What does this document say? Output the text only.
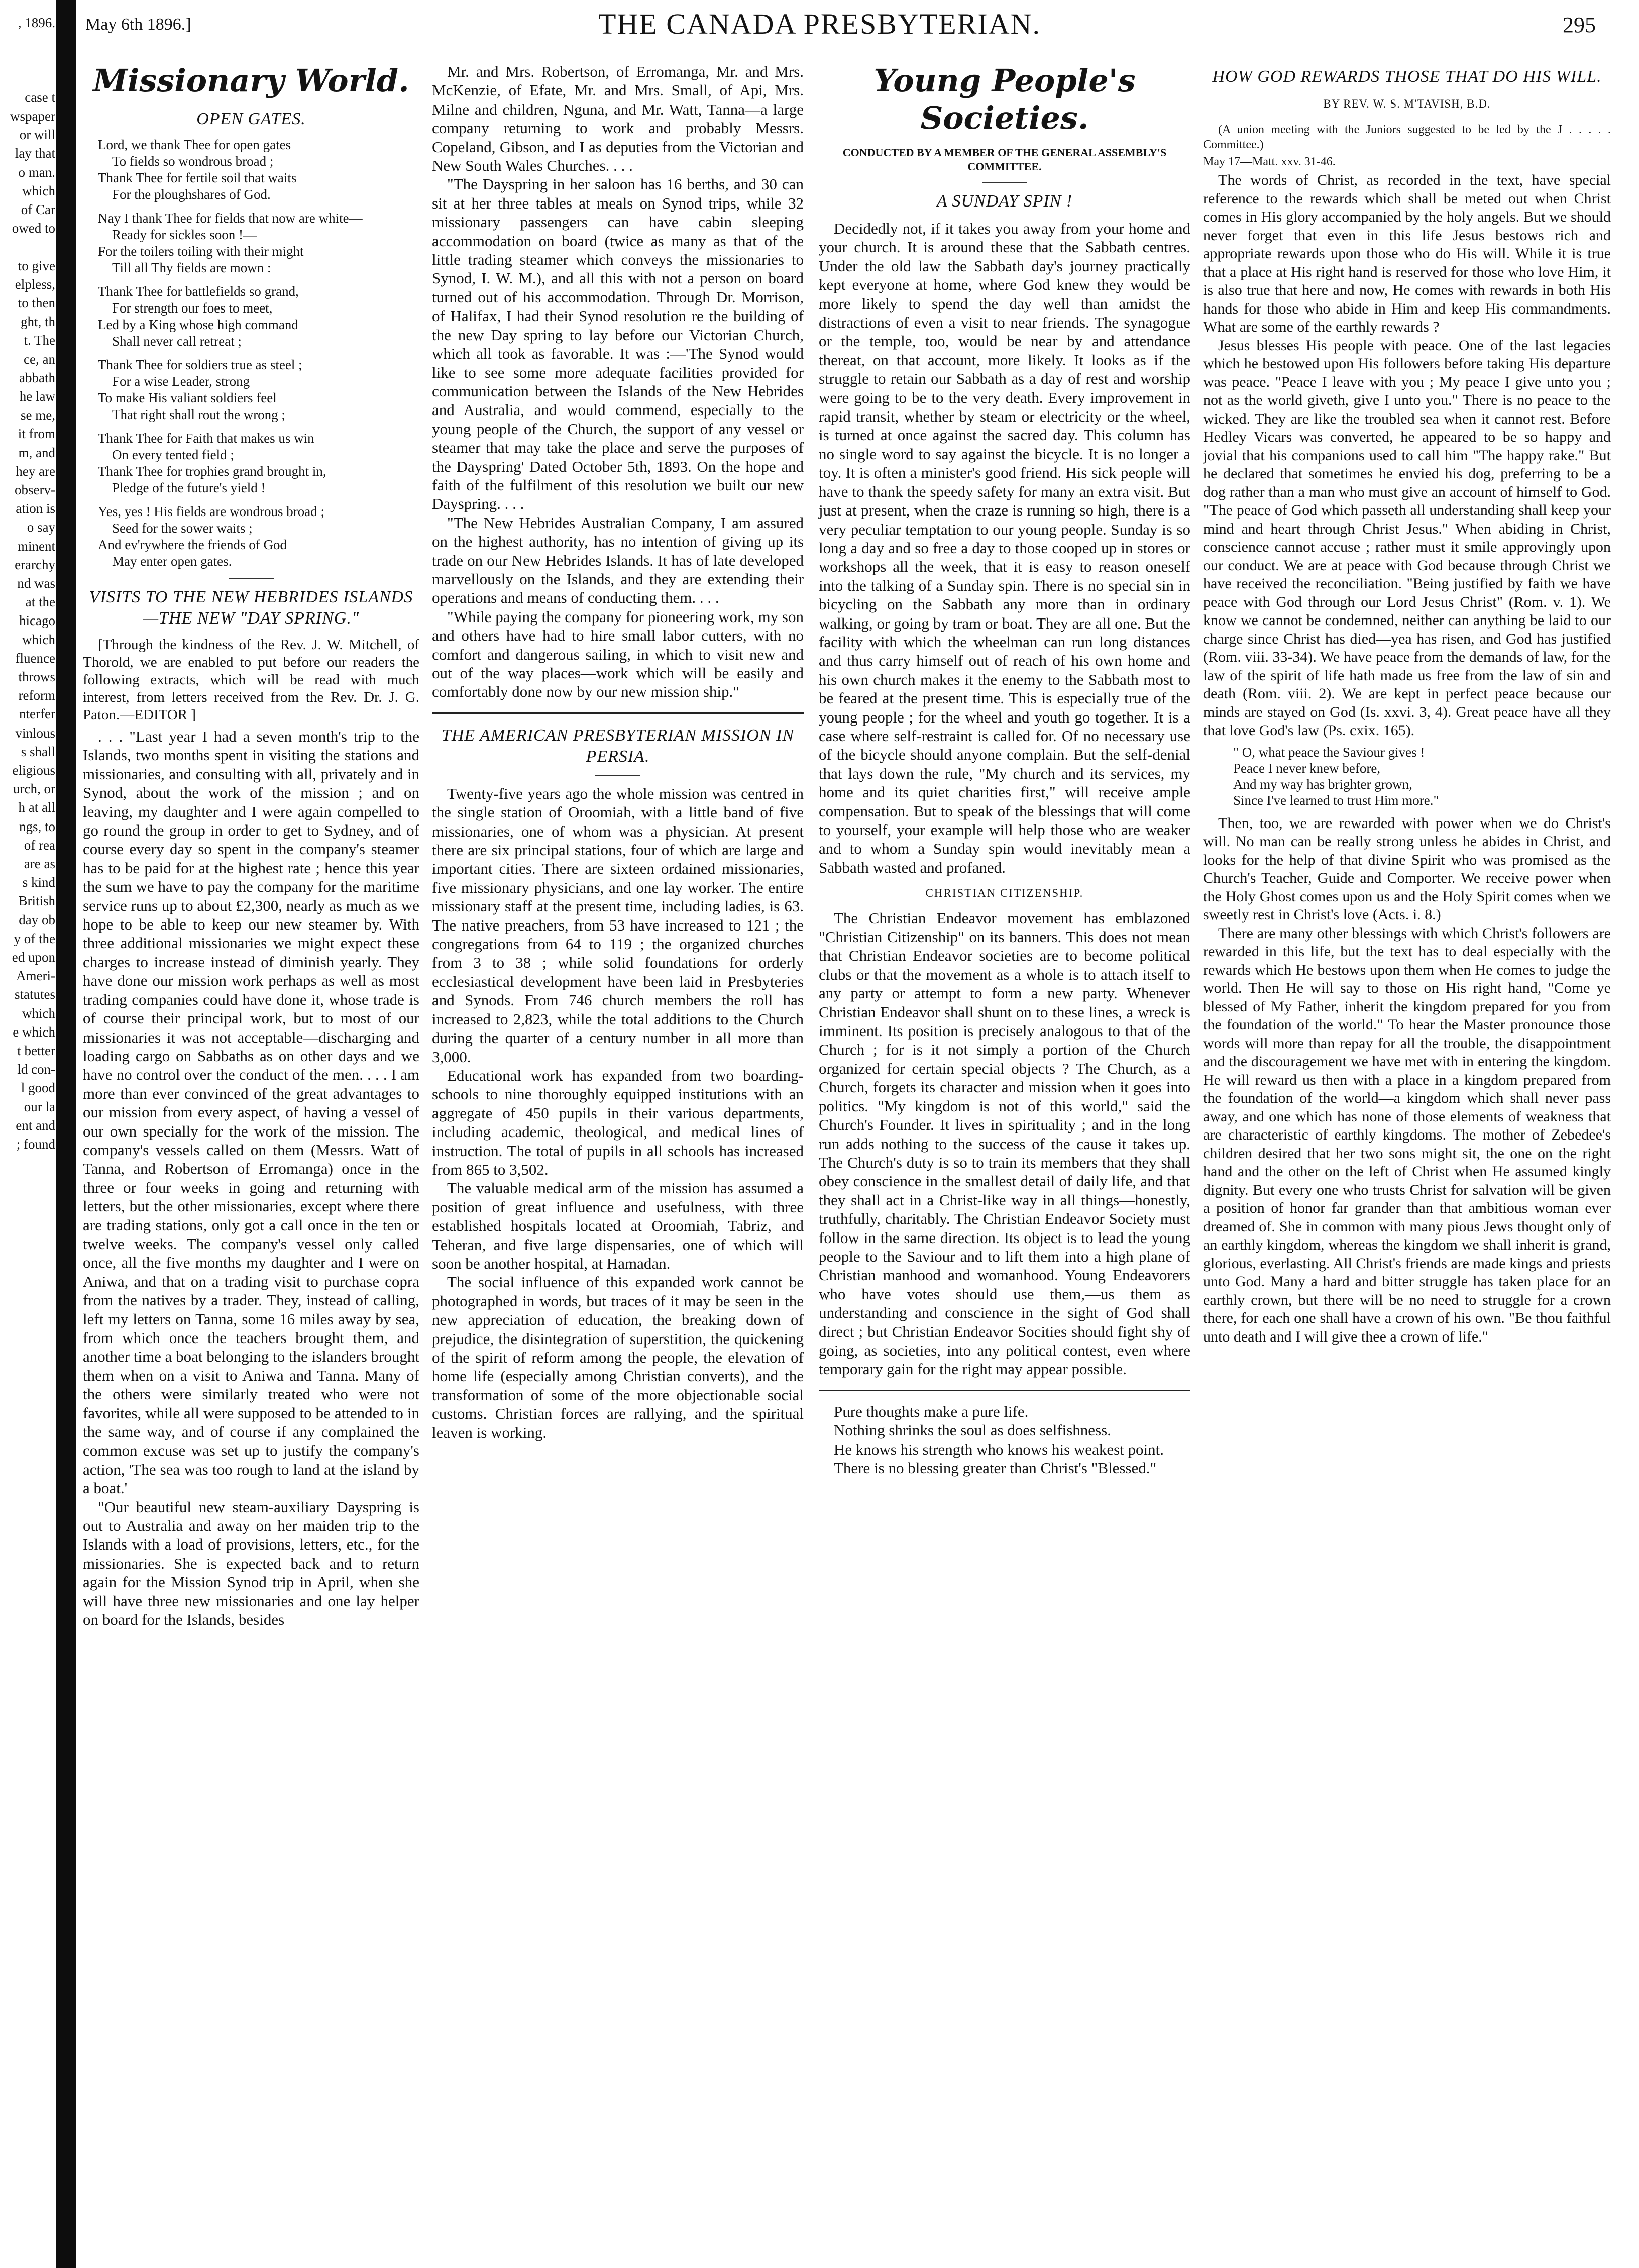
, 1896.
case t
wspaper
or will
lay that
o man.
which
of Car
owed to
to give
elpless,
to then
ght, th
t. The
ce, an
abbath
he law
se me,
it from
m, and
hey are
observ-
ation is
o say
minent
erarchy
nd was
at the
hicago
which
fluence
throws
reform
nterfer
vinlous
s shall
eligious
urch, or
h at all
ngs, to
of rea
are as
s kind
British
day ob
y of the
ed upon
Ameri-
statutes
which
e which
t better
ld con-
l good
our la
ent and
; found
May 6th 1896.]	THE CANADA PRESBYTERIAN.	295
Missionary World.
OPEN GATES.

Lord, we thank Thee for open gates

To fields so wondrous broad ;

Thank Thee for fertile soil that waits

For the ploughshares of God.

Nay I thank Thee for fields that now are white—

Ready for sickles soon !—

For the toilers toiling with their might

Till all Thy fields are mown :

Thank Thee for battlefields so grand,

For strength our foes to meet,

Led by a King whose high command

Shall never call retreat ;

Thank Thee for soldiers true as steel ;

For a wise Leader, strong

To make His valiant soldiers feel

That right shall rout the wrong ;

Thank Thee for Faith that makes us win

On every tented field ;

Thank Thee for trophies grand brought in,

Pledge of the future's yield !

Yes, yes ! His fields are wondrous broad ;

Seed for the sower waits ;

And ev'rywhere the friends of God

May enter open gates.

VISITS TO THE NEW HEBRIDES ISLANDS—THE NEW "DAY SPRING."

[Through the kindness of the Rev. J. W. Mitchell, of Thorold, we are enabled to put before our readers the following extracts, which will be read with much interest, from letters received from the Rev. Dr. J. G. Paton.—EDITOR ]

. . . "Last year I had a seven month's trip to the Islands, two months spent in visiting the stations and missionaries, and consulting with all, privately and in Synod, about the work of the mission ; and on leaving, my daughter and I were again compelled to go round the group in order to get to Sydney, and of course every day so spent in the company's steamer has to be paid for at the highest rate ; hence this year the sum we have to pay the company for the maritime service runs up to about £2,300, nearly as much as we hope to be able to keep our new steamer by. With three additional missionaries we might expect these charges to increase instead of diminish yearly. They have done our mission work perhaps as well as most trading companies could have done it, whose trade is of course their principal work, but to most of our missionaries it was not acceptable—discharging and loading cargo on Sabbaths as on other days and we have no control over the conduct of the men. . . . I am more than ever convinced of the great advantages to our mission from every aspect, of having a vessel of our own specially for the work of the mission. The company's vessels called on them (Messrs. Watt of Tanna, and Robertson of Erromanga) once in the three or four weeks in going and returning with letters, but the other missionaries, except where there are trading stations, only got a call once in the ten or twelve weeks. The company's vessel only called once, all the five months my daughter and I were on Aniwa, and that on a trading visit to purchase copra from the natives by a trader. They, instead of calling, left my letters on Tanna, some 16 miles away by sea, from which once the teachers brought them, and another time a boat belonging to the islanders brought them when on a visit to Aniwa and Tanna. Many of the others were similarly treated who were not favorites, while all were supposed to be attended to in the same way, and of course if any complained the common excuse was set up to justify the company's action, 'The sea was too rough to land at the island by a boat.'

"Our beautiful new steam-auxiliary Dayspring is out to Australia and away on her maiden trip to the Islands with a load of provisions, letters, etc., for the missionaries. She is expected back and to return again for the Mission Synod trip in April, when she will have three new missionaries and one lay helper on board for the Islands, besides

Mr. and Mrs. Robertson, of Erromanga, Mr. and Mrs. McKenzie, of Efate, Mr. and Mrs. Small, of Api, Mrs. Milne and children, Nguna, and Mr. Watt, Tanna—a large company returning to work and probably Messrs. Copeland, Gibson, and I as deputies from the Victorian and New South Wales Churches. . . .

"The Dayspring in her saloon has 16 berths, and 30 can sit at her three tables at meals on Synod trips, while 32 missionary passengers can have cabin sleeping accommodation on board (twice as many as that of the little trading steamer which conveys the missionaries to Synod, I. W. M.), and all this with not a person on board turned out of his accommodation. Through Dr. Morrison, of Halifax, I had their Synod resolution re the building of the new Day spring to lay before our Victorian Church, which all took as favorable. It was :—'The Synod would like to see some more adequate facilities provided for communication between the Islands of the New Hebrides and Australia, and would commend, especially to the young people of the Church, the support of any vessel or steamer that may take the place and serve the purposes of the Dayspring' Dated October 5th, 1893. On the hope and faith of the fulfilment of this resolution we built our new Dayspring. . . .

"The New Hebrides Australian Company, I am assured on the highest authority, has no intention of giving up its trade on our New Hebrides Islands. It has of late developed marvellously on the Islands, and they are extending their operations and means of conducting them. . . .

"While paying the company for pioneering work, my son and others have had to hire small labor cutters, with no comfort and dangerous sailing, in which to visit new and out of the way places—work which will be easily and comfortably done now by our new mission ship."

THE AMERICAN PRESBYTERIAN MISSION IN PERSIA.

Twenty-five years ago the whole mission was centred in the single station of Oroomiah, with a little band of five missionaries, one of whom was a physician. At present there are six principal stations, four of which are large and important cities. There are sixteen ordained missionaries, five missionary physicians, and one lay worker. The entire missionary staff at the present time, including ladies, is 63. The native preachers, from 53 have increased to 121 ; the congregations from 64 to 119 ; the organized churches from 3 to 38 ; while solid foundations for orderly ecclesiastical development have been laid in Presbyteries and Synods. From 746 church members the roll has increased to 2,823, while the total additions to the Church during the quarter of a century number in all more than 3,000.

Educational work has expanded from two boarding-schools to nine thoroughly equipped institutions with an aggregate of 450 pupils in their various departments, including academic, theological, and medical lines of instruction. The total of pupils in all schools has increased from 865 to 3,502.

The valuable medical arm of the mission has assumed a position of great influence and usefulness, with three established hospitals located at Oroomiah, Tabriz, and Teheran, and five large dispensaries, one of which will soon be another hospital, at Hamadan.

The social influence of this expanded work cannot be photographed in words, but traces of it may be seen in the new appreciation of education, the breaking down of prejudice, the disintegration of superstition, the quickening of the spirit of reform among the people, the elevation of home life (especially among Christian converts), and the transformation of some of the more objectionable social customs. Christian forces are rallying, and the spiritual leaven is working.

Young People's Societies.
CONDUCTED BY A MEMBER OF THE GENERAL ASSEMBLY'S COMMITTEE.
A SUNDAY SPIN !

Decidedly not, if it takes you away from your home and your church. It is around these that the Sabbath centres. Under the old law the Sabbath day's journey practically kept everyone at home, where God knew they would be more likely to spend the day well than amidst the distractions of even a visit to near friends. The synagogue or the temple, too, would be near by and attendance thereat, on that account, more likely. It looks as if the struggle to retain our Sabbath as a day of rest and worship were going to be to the very death. Every improvement in rapid transit, whether by steam or electricity or the wheel, is turned at once against the sacred day. This column has no single word to say against the bicycle. It is no longer a toy. It is often a minister's good friend. His sick people will have to thank the speedy safety for many an extra visit. But just at present, when the craze is running so high, there is a very peculiar temptation to our young people. Sunday is so long a day and so free a day to those cooped up in stores or workshops all the week, that it is easy to reason oneself into the talking of a Sunday spin. There is no special sin in bicycling on the Sabbath any more than in ordinary walking, or going by tram or boat. They are all one. But the facility with which the wheelman can run long distances and thus carry himself out of reach of his own home and his own church makes it the enemy to the Sabbath most to be feared at the present time. This is especially true of the young people ; for the wheel and youth go together. It is a case where self-restraint is called for. Of no necessary use of the bicycle should anyone complain. But the self-denial that lays down the rule, "My church and its services, my home and its quiet charities first," will receive ample compensation. But to speak of the blessings that will come to yourself, your example will help those who are weaker and to whom a Sunday spin would inevitably mean a Sabbath wasted and profaned.

CHRISTIAN CITIZENSHIP.

The Christian Endeavor movement has emblazoned "Christian Citizenship" on its banners. This does not mean that Christian Endeavor societies are to become political clubs or that the movement as a whole is to attach itself to any party or attempt to form a new party. Whenever Christian Endeavor shall shunt on to these lines, a wreck is imminent. Its position is precisely analogous to that of the Church ; for is it not simply a portion of the Church organized for certain special objects ? The Church, as a Church, forgets its character and mission when it goes into politics. "My kingdom is not of this world," said the Church's Founder. It lives in spirituality ; and in the long run adds nothing to the success of the cause it takes up. The Church's duty is so to train its members that they shall obey conscience in the smallest detail of daily life, and that they shall act in a Christ-like way in all things—honestly, truthfully, charitably. The Christian Endeavor Society must follow in the same direction. Its object is to lead the young people to the Saviour and to lift them into a high plane of Christian manhood and womanhood. Young Endeavorers who have votes should use them,—us them as understanding and conscience in the sight of God shall direct ; but Christian Endeavor Socities should fight shy of going, as societies, into any political contest, even where temporary gain for the right may appear possible.

Pure thoughts make a pure life.

Nothing shrinks the soul as does selfishness.

He knows his strength who knows his weakest point.

There is no blessing greater than Christ's "Blessed."

HOW GOD REWARDS THOSE THAT DO HIS WILL.
BY REV. W. S. M'TAVISH, B.D.

(A union meeting with the Juniors suggested to be led by the J . . . . . Committee.)

May 17—Matt. xxv. 31-46.

The words of Christ, as recorded in the text, have special reference to the rewards which shall be meted out when Christ comes in His glory accompanied by the holy angels. But we should never forget that even in this life Jesus bestows rich and appropriate rewards upon those who do His will. While it is true that a place at His right hand is reserved for those who love Him, it is also true that here and now, He comes with rewards in both His hands for those who abide in Him and keep His commandments. What are some of the earthly rewards ?

Jesus blesses His people with peace. One of the last legacies which he bestowed upon His followers before taking His departure was peace. "Peace I leave with you ; My peace I give unto you ; not as the world giveth, give I unto you." There is no peace to the wicked. They are like the troubled sea when it cannot rest. Before Hedley Vicars was converted, he appeared to be so happy and jovial that his companions used to call him "The happy rake." But he declared that sometimes he envied his dog, preferring to be a dog rather than a man who must give an account of himself to God. "The peace of God which passeth all understanding shall keep your mind and heart through Christ Jesus." When abiding in Christ, conscience cannot accuse ; rather must it smile approvingly upon our conduct. We are at peace with God because through Christ we have received the reconciliation. "Being justified by faith we have peace with God through our Lord Jesus Christ" (Rom. v. 1). We know we cannot be condemned, neither can anything be laid to our charge since Christ has died—yea has risen, and God has justified (Rom. viii. 33-34). We have peace from the demands of law, for the law of the spirit of life hath made us free from the law of sin and death (Rom. viii. 2). We are kept in perfect peace because our minds are stayed on God (Is. xxvi. 3, 4). Great peace have all they that love God's law (Ps. cxix. 165).

" O, what peace the Saviour gives !

Peace I never knew before,

And my way has brighter grown,

Since I've learned to trust Him more."

Then, too, we are rewarded with power when we do Christ's will. No man can be really strong unless he abides in Christ, and looks for the help of that divine Spirit who was promised as the Church's Teacher, Guide and Comporter. We receive power when the Holy Ghost comes upon us and the Holy Spirit comes when we sweetly rest in Christ's love (Acts. i. 8.)

There are many other blessings with which Christ's followers are rewarded in this life, but the text has to deal especially with the rewards which He bestows upon them when He comes to judge the world. Then He will say to those on His right hand, "Come ye blessed of My Father, inherit the kingdom prepared for you from the foundation of the world." To hear the Master pronounce those words will more than repay for all the trouble, the disappointment and the discouragement we have met with in entering the kingdom. He will reward us then with a place in a kingdom prepared from the foundation of the world—a kingdom which shall never pass away, and one which has none of those elements of weakness that are characteristic of earthly kingdoms. The mother of Zebedee's children desired that her two sons might sit, the one on the right hand and the other on the left of Christ when He assumed kingly dignity. But every one who trusts Christ for salvation will be given a position of honor far grander than that ambitious woman ever dreamed of. She in common with many pious Jews thought only of an earthly kingdom, whereas the kingdom we shall inherit is grand, glorious, everlasting. All Christ's friends are made kings and priests unto God. Many a hard and bitter struggle has taken place for an earthly crown, but there will be no need to struggle for a crown there, for each one shall have a crown of his own. "Be thou faithful unto death and I will give thee a crown of life."
